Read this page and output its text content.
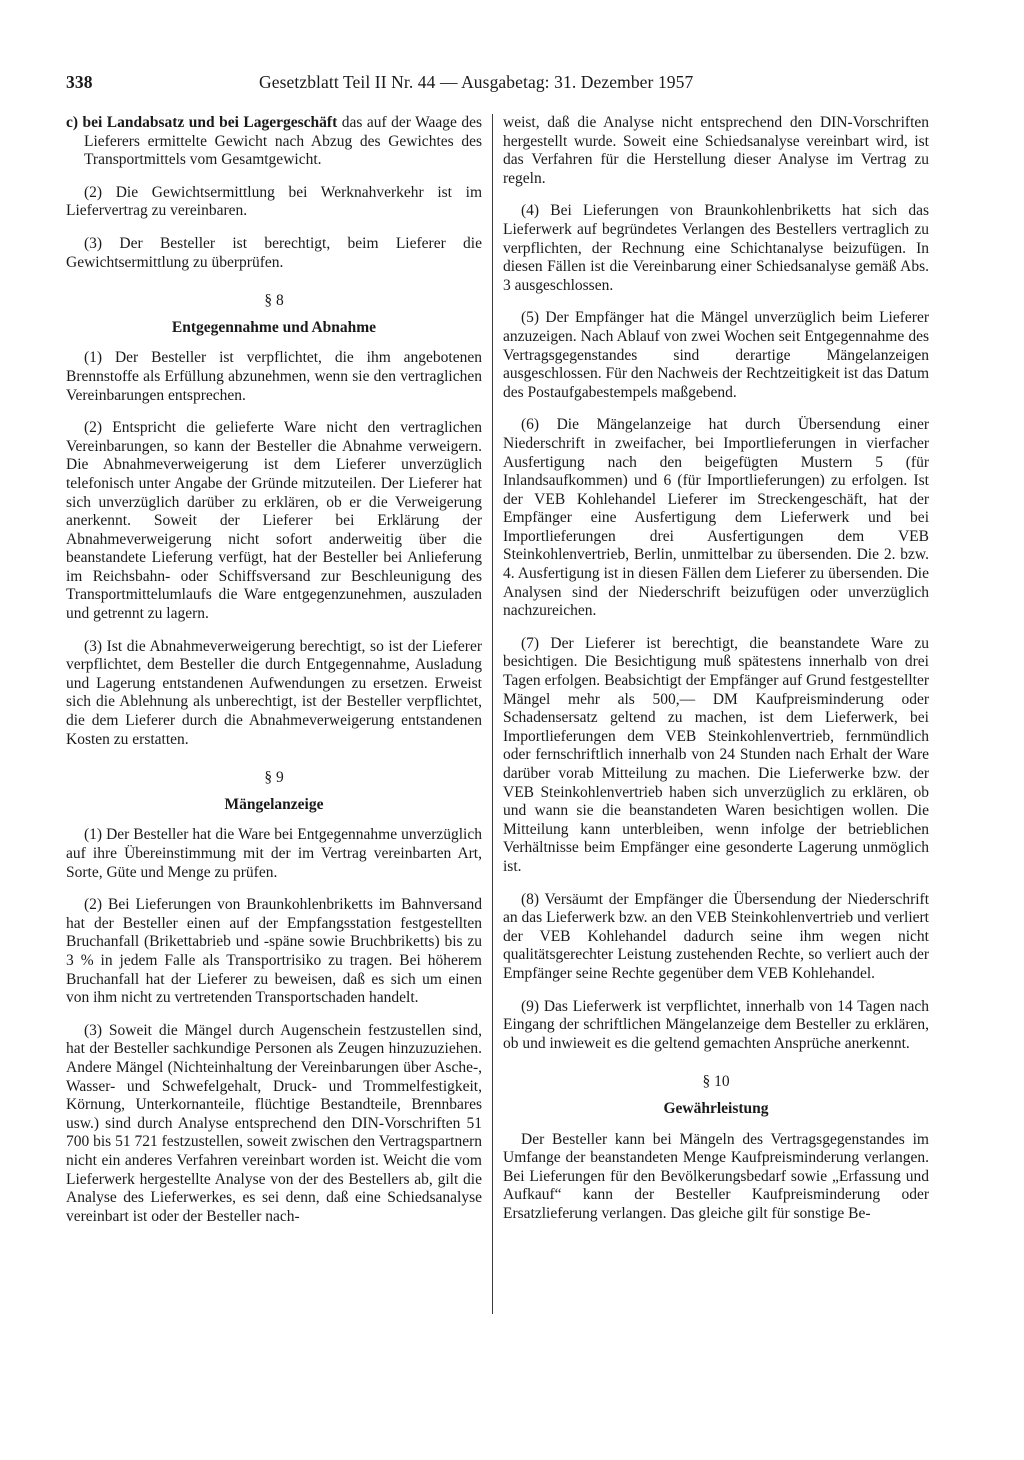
338	Gesetzblatt Teil II Nr. 44 — Ausgabetag: 31. Dezember 1957

c) bei Landabsatz und bei Lagergeschäft das auf der Waage des Lieferers ermittelte Gewicht nach Abzug des Gewichtes des Transportmittels vom Gesamtgewicht.

(2) Die Gewichtsermittlung bei Werknahverkehr ist im Liefervertrag zu vereinbaren.

(3) Der Besteller ist berechtigt, beim Lieferer die Gewichtsermittlung zu überprüfen.

§ 8
Entgegennahme und Abnahme

(1) Der Besteller ist verpflichtet, die ihm angebotenen Brennstoffe als Erfüllung abzunehmen, wenn sie den vertraglichen Vereinbarungen entsprechen.

(2) Entspricht die gelieferte Ware nicht den vertraglichen Vereinbarungen, so kann der Besteller die Abnahme verweigern. Die Abnahmeverweigerung ist dem Lieferer unverzüglich telefonisch unter Angabe der Gründe mitzuteilen. Der Lieferer hat sich unverzüglich darüber zu erklären, ob er die Verweigerung anerkennt. Soweit der Lieferer bei Erklärung der Abnahmeverweigerung nicht sofort anderweitig über die beanstandete Lieferung verfügt, hat der Besteller bei Anlieferung im Reichsbahn- oder Schiffsversand zur Beschleunigung des Transportmittelumlaufs die Ware entgegenzunehmen, auszuladen und getrennt zu lagern.

(3) Ist die Abnahmeverweigerung berechtigt, so ist der Lieferer verpflichtet, dem Besteller die durch Entgegennahme, Ausladung und Lagerung entstandenen Aufwendungen zu ersetzen. Erweist sich die Ablehnung als unberechtigt, ist der Besteller verpflichtet, die dem Lieferer durch die Abnahmeverweigerung entstandenen Kosten zu erstatten.

§ 9
Mängelanzeige

(1) Der Besteller hat die Ware bei Entgegennahme unverzüglich auf ihre Übereinstimmung mit der im Vertrag vereinbarten Art, Sorte, Güte und Menge zu prüfen.

(2) Bei Lieferungen von Braunkohlenbriketts im Bahnversand hat der Besteller einen auf der Empfangsstation festgestellten Bruchanfall (Brikettabrieb und -späne sowie Bruchbriketts) bis zu 3 % in jedem Falle als Transportrisiko zu tragen. Bei höherem Bruchanfall hat der Lieferer zu beweisen, daß es sich um einen von ihm nicht zu vertretenden Transportschaden handelt.

(3) Soweit die Mängel durch Augenschein festzustellen sind, hat der Besteller sachkundige Personen als Zeugen hinzuzuziehen. Andere Mängel (Nichteinhaltung der Vereinbarungen über Asche-, Wasser- und Schwefelgehalt, Druck- und Trommelfestigkeit, Körnung, Unterkornanteile, flüchtige Bestandteile, Brennbares usw.) sind durch Analyse entsprechend den DIN-Vorschriften 51 700 bis 51 721 festzustellen, soweit zwischen den Vertragspartnern nicht ein anderes Verfahren vereinbart worden ist. Weicht die vom Lieferwerk hergestellte Analyse von der des Bestellers ab, gilt die Analyse des Lieferwerkes, es sei denn, daß eine Schiedsanalyse vereinbart ist oder der Besteller nach-

weist, daß die Analyse nicht entsprechend den DIN-Vorschriften hergestellt wurde. Soweit eine Schiedsanalyse vereinbart wird, ist das Verfahren für die Herstellung dieser Analyse im Vertrag zu regeln.

(4) Bei Lieferungen von Braunkohlenbriketts hat sich das Lieferwerk auf begründetes Verlangen des Bestellers vertraglich zu verpflichten, der Rechnung eine Schichtanalyse beizufügen. In diesen Fällen ist die Vereinbarung einer Schiedsanalyse gemäß Abs. 3 ausgeschlossen.

(5) Der Empfänger hat die Mängel unverzüglich beim Lieferer anzuzeigen. Nach Ablauf von zwei Wochen seit Entgegennahme des Vertragsgegenstandes sind derartige Mängelanzeigen ausgeschlossen. Für den Nachweis der Rechtzeitigkeit ist das Datum des Postaufgabestempels maßgebend.

(6) Die Mängelanzeige hat durch Übersendung einer Niederschrift in zweifacher, bei Importlieferungen in vierfacher Ausfertigung nach den beigefügten Mustern 5 (für Inlandsaufkommen) und 6 (für Importlieferungen) zu erfolgen. Ist der VEB Kohlehandel Lieferer im Streckengeschäft, hat der Empfänger eine Ausfertigung dem Lieferwerk und bei Importlieferungen drei Ausfertigungen dem VEB Steinkohlenvertrieb, Berlin, unmittelbar zu übersenden. Die 2. bzw. 4. Ausfertigung ist in diesen Fällen dem Lieferer zu übersenden. Die Analysen sind der Niederschrift beizufügen oder unverzüglich nachzureichen.

(7) Der Lieferer ist berechtigt, die beanstandete Ware zu besichtigen. Die Besichtigung muß spätestens innerhalb von drei Tagen erfolgen. Beabsichtigt der Empfänger auf Grund festgestellter Mängel mehr als 500,— DM Kaufpreisminderung oder Schadensersatz geltend zu machen, ist dem Lieferwerk, bei Importlieferungen dem VEB Steinkohlenvertrieb, fernmündlich oder fernschriftlich innerhalb von 24 Stunden nach Erhalt der Ware darüber vorab Mitteilung zu machen. Die Lieferwerke bzw. der VEB Steinkohlenvertrieb haben sich unverzüglich zu erklären, ob und wann sie die beanstandeten Waren besichtigen wollen. Die Mitteilung kann unterbleiben, wenn infolge der betrieblichen Verhältnisse beim Empfänger eine gesonderte Lagerung unmöglich ist.

(8) Versäumt der Empfänger die Übersendung der Niederschrift an das Lieferwerk bzw. an den VEB Steinkohlenvertrieb und verliert der VEB Kohlehandel dadurch seine ihm wegen nicht qualitätsgerechter Leistung zustehenden Rechte, so verliert auch der Empfänger seine Rechte gegenüber dem VEB Kohlehandel.

(9) Das Lieferwerk ist verpflichtet, innerhalb von 14 Tagen nach Eingang der schriftlichen Mängelanzeige dem Besteller zu erklären, ob und inwieweit es die geltend gemachten Ansprüche anerkennt.

§ 10
Gewährleistung

Der Besteller kann bei Mängeln des Vertragsgegenstandes im Umfange der beanstandeten Menge Kaufpreisminderung verlangen. Bei Lieferungen für den Bevölkerungsbedarf sowie „Erfassung und Aufkauf“ kann der Besteller Kaufpreisminderung oder Ersatzlieferung verlangen. Das gleiche gilt für sonstige Be-
